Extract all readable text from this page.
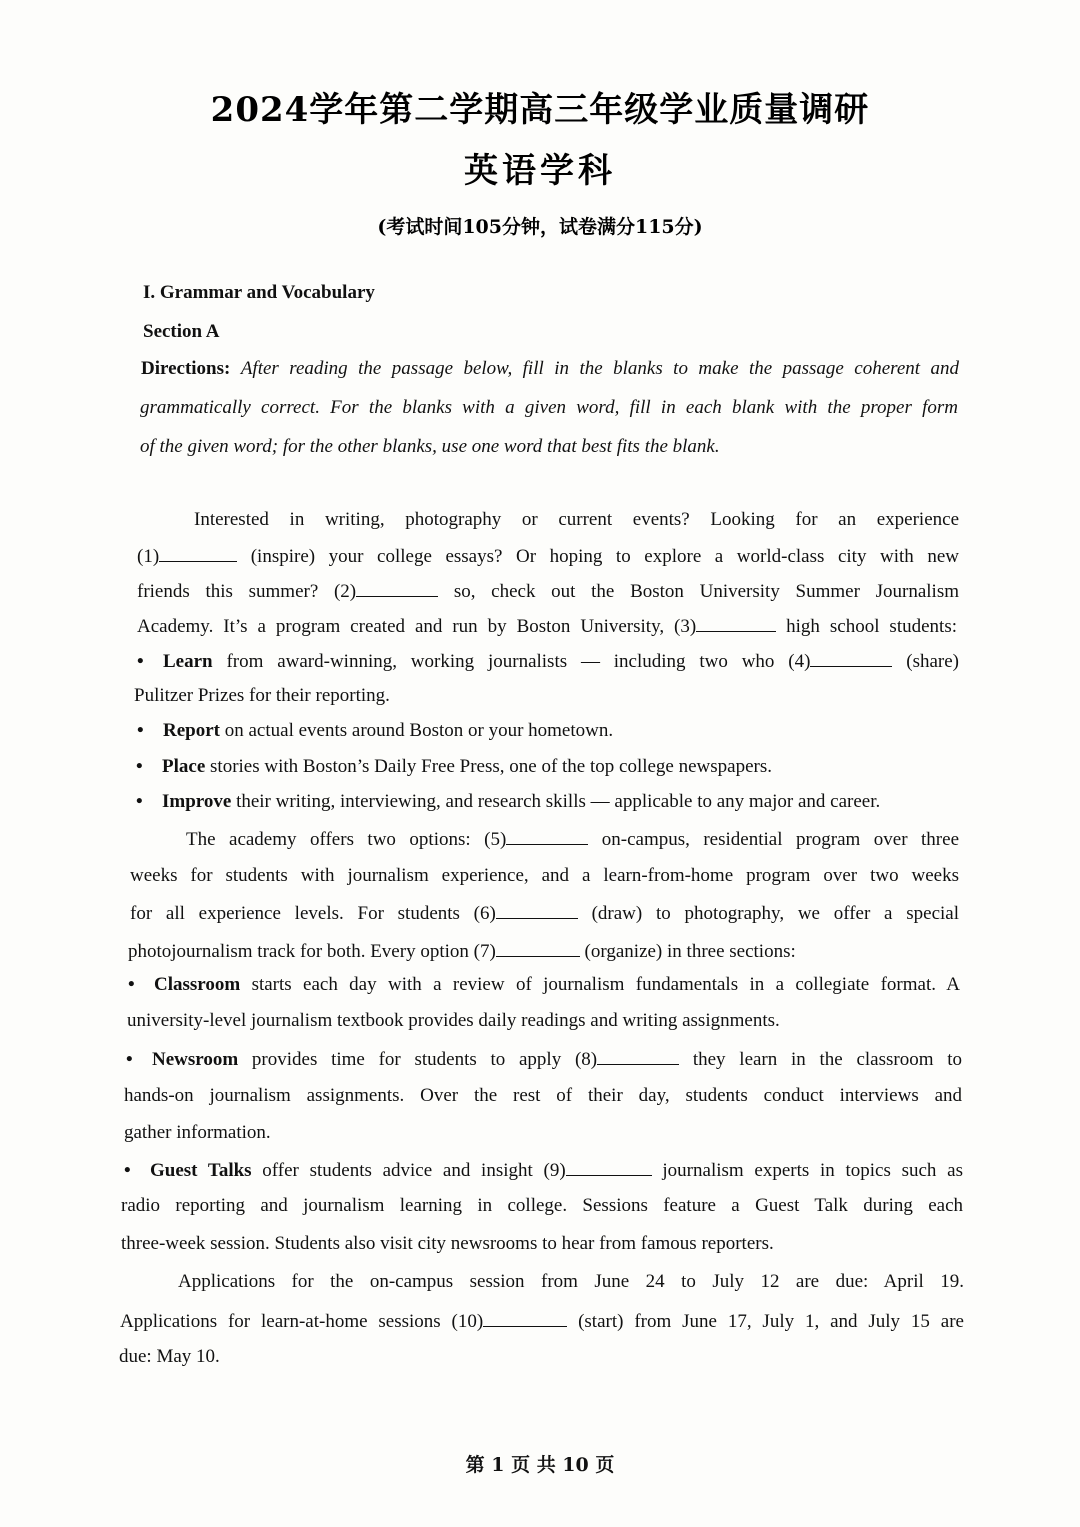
2024学年第二学期高三年级学业质量调研
英语学科
(考试时间105分钟，试卷满分115分)
I. Grammar and Vocabulary
Section A
Directions: After reading the passage below, fill in the blanks to make the passage coherent and
grammatically correct. For the blanks with a given word, fill in each blank with the proper form
of the given word; for the other blanks, use one word that best fits the blank.
Interested in writing, photography or current events? Looking for an experience
(1)	(inspire) your college essays? Or hoping to explore a world-class city with new
friends this summer? (2)	so, check out the Boston University Summer Journalism
Academy. It’s a program created and run by Boston University, (3)	high school students:
• Learn from award-winning, working journalists — including two who (4)	(share)
Pulitzer Prizes for their reporting.
• Report on actual events around Boston or your hometown.
• Place stories with Boston’s Daily Free Press, one of the top college newspapers.
• Improve their writing, interviewing, and research skills — applicable to any major and career.
The academy offers two options: (5)	on-campus, residential program over three
weeks for students with journalism experience, and a learn-from-home program over two weeks
for all experience levels. For students (6)	(draw) to photography, we offer a special
photojournalism track for both. Every option (7)	(organize) in three sections:
• Classroom starts each day with a review of journalism fundamentals in a collegiate format. A
university-level journalism textbook provides daily readings and writing assignments.
• Newsroom provides time for students to apply (8)	they learn in the classroom to
hands-on journalism assignments. Over the rest of their day, students conduct interviews and
gather information.
• Guest Talks offer students advice and insight (9)	journalism experts in topics such as
radio reporting and journalism learning in college. Sessions feature a Guest Talk during each
three-week session. Students also visit city newsrooms to hear from famous reporters.
Applications for the on-campus session from June 24 to July 12 are due: April 19.
Applications for learn-at-home sessions (10)	(start) from June 17, July 1, and July 15 are
due: May 10.
第 1 页 共 10 页
